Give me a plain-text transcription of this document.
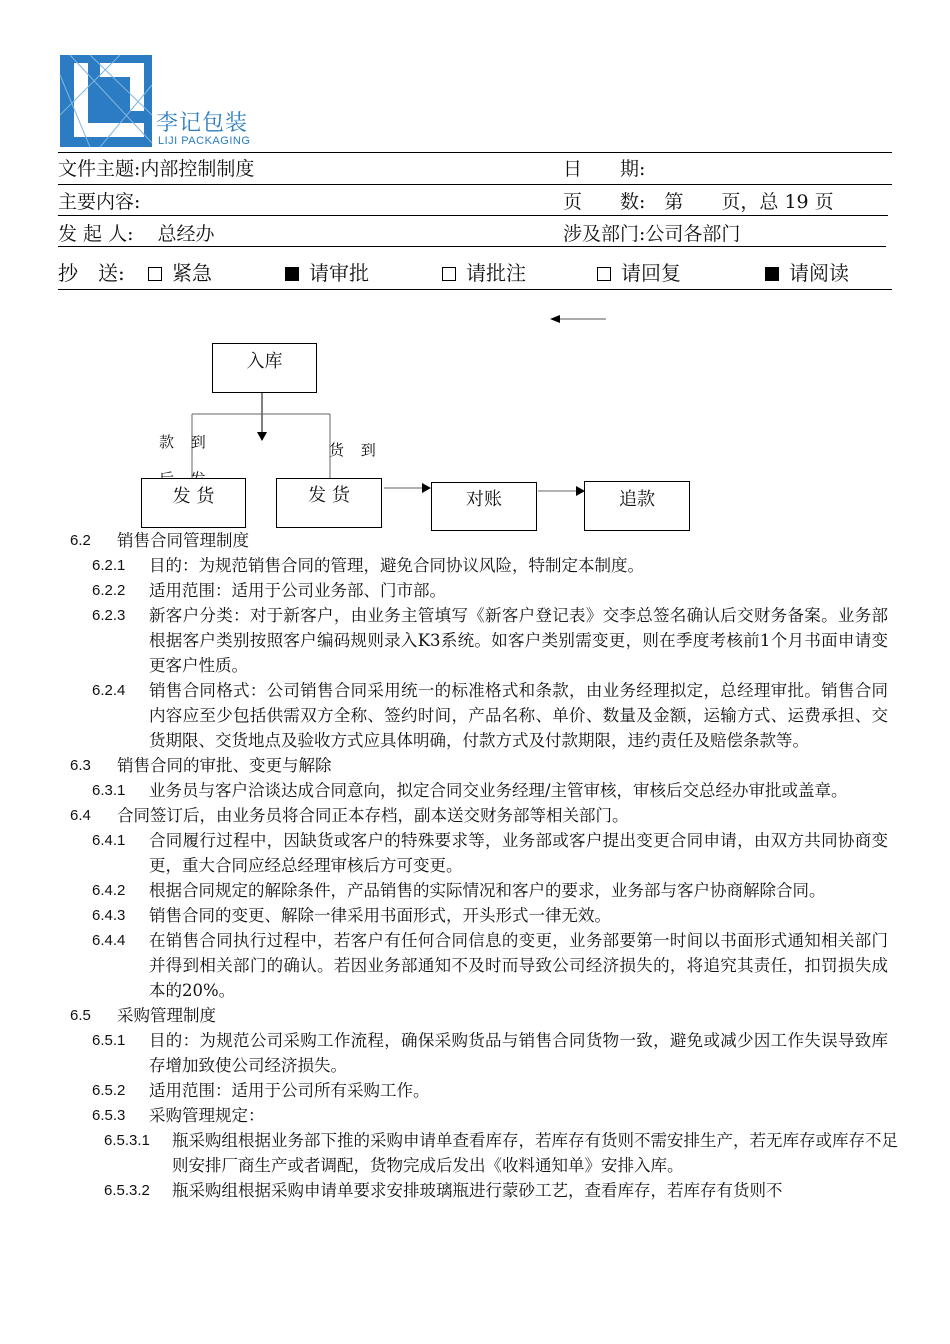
李记包装
LIJI PACKAGING
文件主题:内部控制制度	日　　期:
主要内容:	页　　数:　第　　页，总 19 页
发 起 人: 总经办	涉及部门:公司各部门
抄　送:	紧急	请审批	请批注	请回复	请阅读
入库
款 到	货 到
发 货	发 货	对账	追款
6.2 销售合同管理制度
6.2.1 目的：为规范销售合同的管理，避免合同协议风险，特制定本制度。
6.2.2 适用范围：适用于公司业务部、门市部。
6.2.3 新客户分类：对于新客户，由业务主管填写《新客户登记表》交李总签名确认后交财务备案。业务部根据客户类别按照客户编码规则录入K3系统。如客户类别需变更，则在季度考核前1个月书面申请变更客户性质。
6.2.4 销售合同格式：公司销售合同采用统一的标准格式和条款，由业务经理拟定，总经理审批。销售合同内容应至少包括供需双方全称、签约时间，产品名称、单价、数量及金额，运输方式、运费承担、交货期限、交货地点及验收方式应具体明确，付款方式及付款期限，违约责任及赔偿条款等。
6.3 销售合同的审批、变更与解除
6.3.1 业务员与客户洽谈达成合同意向，拟定合同交业务经理/主管审核，审核后交总经办审批或盖章。
6.4 合同签订后，由业务员将合同正本存档，副本送交财务部等相关部门。
6.4.1 合同履行过程中，因缺货或客户的特殊要求等，业务部或客户提出变更合同申请，由双方共同协商变更，重大合同应经总经理审核后方可变更。
6.4.2 根据合同规定的解除条件，产品销售的实际情况和客户的要求，业务部与客户协商解除合同。
6.4.3 销售合同的变更、解除一律采用书面形式，开头形式一律无效。
6.4.4 在销售合同执行过程中，若客户有任何合同信息的变更，业务部要第一时间以书面形式通知相关部门并得到相关部门的确认。若因业务部通知不及时而导致公司经济损失的，将追究其责任，扣罚损失成本的20%。
6.5 采购管理制度
6.5.1 目的：为规范公司采购工作流程，确保采购货品与销售合同货物一致，避免或减少因工作失误导致库存增加致使公司经济损失。
6.5.2 适用范围：适用于公司所有采购工作。
6.5.3 采购管理规定：
6.5.3.1 瓶采购组根据业务部下推的采购申请单查看库存，若库存有货则不需安排生产，若无库存或库存不足则安排厂商生产或者调配，货物完成后发出《收料通知单》安排入库。
6.5.3.2 瓶采购组根据采购申请单要求安排玻璃瓶进行蒙砂工艺，查看库存，若库存有货则不
